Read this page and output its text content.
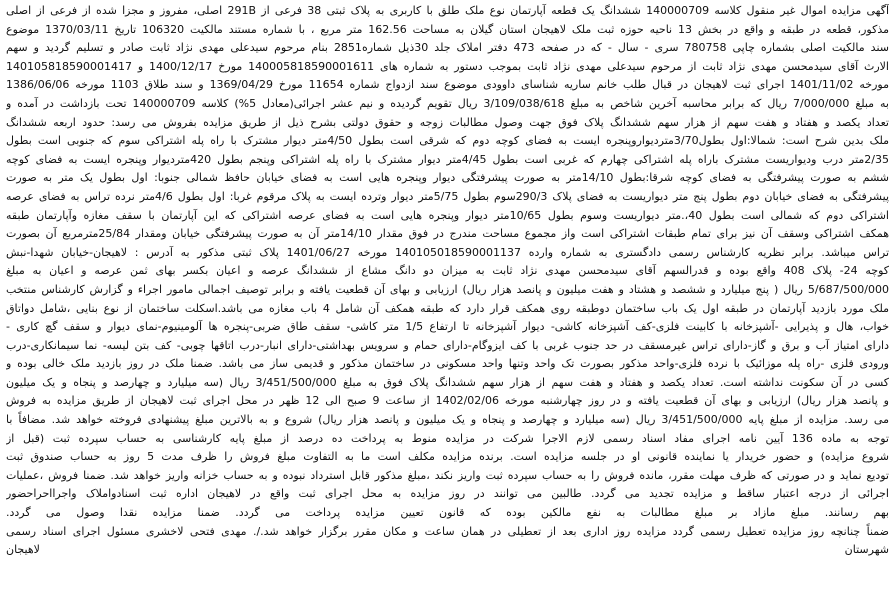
آگهی مزایده اموال غیر منقول کلاسه 140000709 ششدانگ یک قطعه آپارتمان نوع ملک طلق با کاربری به پلاک ثبتی 38 فرعی از 291B اصلی، مفروز و مجزا شده از فرعی از اصلی
مذکور، قطعه در طبقه و واقع در بخش 13 ناحیه حوزه ثبت ملک لاهیجان استان گیلان به مساحت 162.56 متر مربع ، با شماره مستند مالکیت 106320 تاریخ 1370/03/11 موضوع
سند مالکیت اصلی بشماره چاپی 780758 سری - سال - که در صفحه 473 دفتر املاک جلد 30ذیل شماره2851 بنام مرحوم سیدعلی مهدی نژاد ثابت صادر و تسلیم گردید و سهم
الارث آقای سیدمحسن مهدی نژاد ثابت از مرحوم سیدعلی مهدی نژاد ثابت بموجب دستور به شماره های 140005818590001611 مورخ 1400/12/17 و 140105818590001417
مورخه 1401/11/02 اجرای ثبت لاهیجان در قبال طلب خانم ساریه شناسای داوودی موضوع سند ازدواج شماره 11654 مورخ 1369/04/29 و سند طلاق 1103 مورخه 1386/06/06
به مبلغ 7/000/000 ریال که برابر محاسبه آخرین شاخص به مبلغ 3/109/038/618 ریال تقویم گردیده و نیم عشر اجرائی(معادل 5%) کلاسه 140000709 تحت بازداشت در آمده و
تعداد یکصد و هفتاد و هفت سهم از هزار سهم ششدانگ پلاک فوق جهت وصول مطالبات زوجه و حقوق دولتی بشرح ذیل از طریق مزایده بفروش می رسد: حدود اربعه ششدانگ
ملک بدین شرح است: شمالا:اول بطول3/70متردیواروپنجره ایست به فضای کوچه دوم که شرقی است بطول 4/50متر دیوار مشترک با راه پله اشتراکی سوم که جنوبی است بطول
2/35متر درب وديواريست مشترک باراه پله اشتراکی چهارم که غربی است بطول 4/45متر دیوار مشترک با راه پله اشتراکی وپنجم بطول 420متردیوار وپنجره ایست به فضای کوچه
ششم به صورت پیشرفتگی به فضای کوچه شرقا:بطول 14/10متر به صورت پیشرفتگی دیوار وپنجره هایی است به فضای خیابان حافظ شمالی جنوبا: اول بطول یک متر به صورت
پیشرفتگی به فضای خیابان دوم بطول پنج متر دیواریست به فضای پلاک 290/3سوم بطول 5/75متر دیوار وترده ایست به پلاک مرقوم غربا: اول بطول 4/6متر نرده تراس به فضای عرصه
اشتراکی دوم که شمالی است بطول 40،.متر دیواریست وسوم بطول 10/65متر دیوار وپنجره هایی است به فضای عرصه اشتراکی که این آپارتمان با سقف مغازه وآپارتمان طبقه
همکف اشتراکی وسقف آن نیز برای تمام طبقات اشتراکی است واز مجموع مساحت مندرج در فوق مقدار 14/10متر آن به صورت پیشرفتگی خیابان ومقدار 25/84مترمربع آن بصورت
تراس میباشد. برابر نظریه کارشناس رسمی دادگستری به شماره وارده 140105018590001137 مورخه 1401/06/27 پلاک ثبتی مذکور به آدرس : لاهیجان-خیابان شهدا-نبش
کوچه 24- پلاک 408 واقع بوده و قدرالسهم آقای سیدمحسن مهدی نژاد ثابت به میزان دو دانگ مشاع از ششدانگ عرصه و اعیان بکسر بهای ثمن عرصه و اعیان به مبلغ
5/687/500/000 ریال ( پنج میلیارد و ششصد و هشتاد و هفت میلیون و پانصد هزار ریال) ارزیابی و بهای آن قطعیت یافته و برابر توصیف اجمالی مامور اجراء و گزارش کارشناس منتخب
ملک مورد بازدید آپارتمان در طبقه اول یک باب ساختمان دوطبقه روی همکف قرار دارد که طبقه همکف آن شامل 4 باب مغازه می باشد.اسکلت ساختمان از نوع بنایی ،شامل دواتاق
خواب، هال و پذیرایی -آشپزخانه با کابینت فلزی-کف آشپزخانه کاشی- دیوار آشپزخانه تا ارتفاع 1/5 متر کاشی- سقف طاق ضربی-پنجره ها آلومینیوم-نمای دیوار و سقف گچ کاری -
دارای امتیاز آب و برق و گاز-دارای تراس غیرمسقف در حد جنوب غربی با کف ایزوگام-دارای حمام و سرویس بهداشتی-دارای انبار-درب اتاقها چوبی- کف بتن لیسه- نما سیمانکاری-درب
ورودی فلزی -راه پله موزائیک با نرده فلزی-واحد مذکور بصورت تک واحد وتنها واحد مسکونی در ساختمان مذکور و قدیمی ساز می باشد. ضمنا ملک در روز بازدید ملک خالی بوده و
کسی در آن سکونت نداشته است. تعداد یکصد و هفتاد و هفت سهم از هزار سهم ششدانگ پلاک فوق به مبلغ 3/451/500/000 ریال (سه میلیارد و چهارصد و پنجاه و یک میلیون
و پانصد هزار ریال) ارزیابی و بهای آن قطعیت یافته و در روز چهارشنبه مورخه 1402/02/06 از ساعت 9 صبح الی 12 ظهر در محل اجرای ثبت لاهیجان از طریق مزایده به فروش
می رسد. مزایده از مبلغ پایه 3/451/500/000 ریال (سه میلیارد و چهارصد و پنجاه و یک میلیون و پانصد هزار ریال) شروع و به بالاترین مبلغ پیشنهادی فروخته خواهد شد. مضافاً با
توجه به ماده 136 آیین نامه اجرای مفاد اسناد رسمی لازم الاجرا شرکت در مزایده منوط به پرداخت ده درصد از مبلغ پایه کارشناسی به حساب سپرده ثبت (قبل از
شروع مزایده) و حضور خریدار یا نماینده قانونی او در جلسه مزایده است. برنده مزایده مکلف است ما به التفاوت مبلغ فروش را ظرف مدت 5 روز به حساب صندوق ثبت
تودیع نماید و در صورتی که ظرف مهلت مقرر، مانده فروش را به حساب سپرده ثبت واریز نکند ،مبلغ مذکور قابل استرداد نبوده و به حساب خزانه واریز خواهد شد. ضمنا فروش ،عملیات
اجرائی از درجه اعتبار ساقط و مزایده تجدید می گردد. طالبین می توانند در روز مزایده به محل اجرای ثبت واقع در لاهیجان اداره ثبت اسنادواملاک واجرااحراحضور
بهم رسانند. مبلغ مازاد بر مبلغ مطالبات به نفع مالکین بوده که قانون تعیین مزایده پرداخت می گردد. ضمنا مزایده نقدا وصول می گردد.
ضمناً چنانچه روز مزایده تعطیل رسمی گردد مزایده روز اداری بعد از تعطیلی در همان ساعت و مکان مقرر برگزار خواهد شد./. مهدی فتحی لاخشری مسئول اجرای اسناد رسمی
شهرستان لاهیجان
